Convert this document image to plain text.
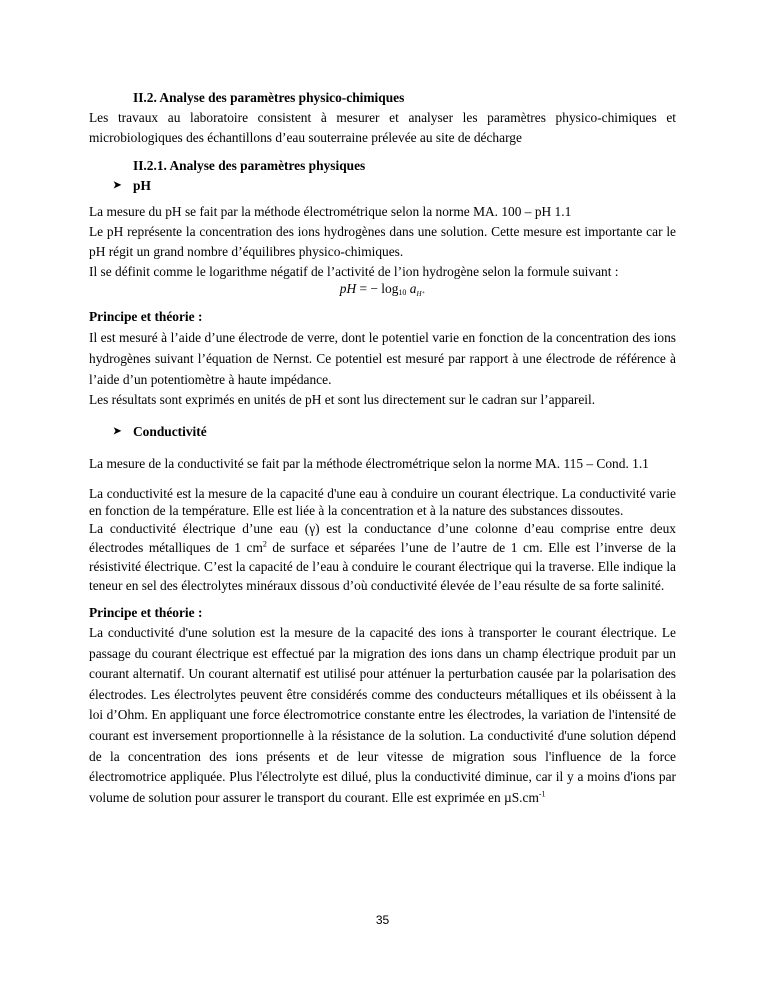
II.2. Analyse des paramètres physico-chimiques

Les travaux au laboratoire consistent à mesurer et analyser les paramètres physico-chimiques et microbiologiques des échantillons d’eau souterraine prélevée au site de décharge

II.2.1. Analyse des paramètres physiques

➤ pH

La mesure du pH se fait par la méthode électrométrique selon la norme MA. 100 – pH 1.1

Le pH représente la concentration des ions hydrogènes dans une solution. Cette mesure est importante car le pH régit un grand nombre d’équilibres physico-chimiques.

Il se définit comme le logarithme négatif de l’activité de l’ion hydrogène selon la formule suivant :

pH = − $\log_{10} a_{H^+}$

Principe et théorie :

Il est mesuré à l’aide d’une électrode de verre, dont le potentiel varie en fonction de la concentration des ions hydrogènes suivant l’équation de Nernst. Ce potentiel est mesuré par rapport à une électrode de référence à l’aide d’un potentiomètre à haute impédance.

Les résultats sont exprimés en unités de pH et sont lus directement sur le cadran sur l’appareil.

➤ Conductivité

La mesure de la conductivité se fait par la méthode électrométrique selon la norme MA. 115 – Cond. 1.1

La conductivité est la mesure de la capacité d'une eau à conduire un courant électrique. La conductivité varie en fonction de la température. Elle est liée à la concentration et à la nature des substances dissoutes.

La conductivité électrique d’une eau (γ) est la conductance d’une colonne d’eau comprise entre deux électrodes métalliques de 1 $cm^2$ de surface et séparées l’une de l’autre de 1 cm. Elle est l’inverse de la résistivité électrique. C’est la capacité de l’eau à conduire le courant électrique qui la traverse. Elle indique la teneur en sel des électrolytes minéraux dissous d’où conductivité élevée de l’eau résulte de sa forte salinité.

Principe et théorie :

La conductivité d'une solution est la mesure de la capacité des ions à transporter le courant électrique. Le passage du courant électrique est effectué par la migration des ions dans un champ électrique produit par un courant alternatif. Un courant alternatif est utilisé pour atténuer la perturbation causée par la polarisation des électrodes. Les électrolytes peuvent être considérés comme des conducteurs métalliques et ils obéissent à la loi d’Ohm. En appliquant une force électromotrice constante entre les électrodes, la variation de l'intensité de courant est inversement proportionnelle à la résistance de la solution. La conductivité d'une solution dépend de la concentration des ions présents et de leur vitesse de migration sous l'influence de la force électromotrice appliquée. Plus l'électrolyte est dilué, plus la conductivité diminue, car il y a moins d'ions par volume de solution pour assurer le transport du courant. Elle est exprimée en $\mu S.cm^{-1}$

35
